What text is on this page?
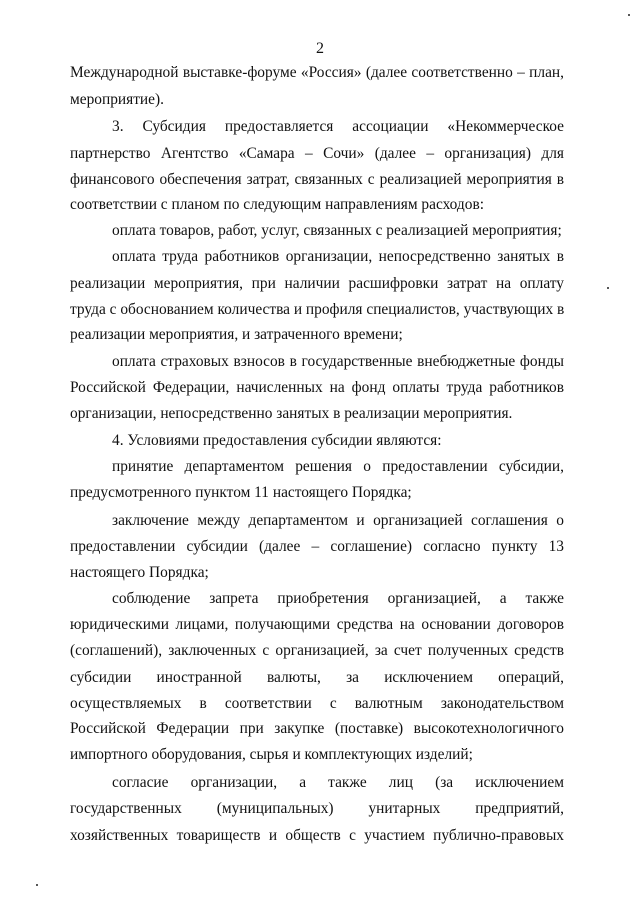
2
Международной выставке-форуме «Россия» (далее соответственно – план,
мероприятие).
3. Субсидия предоставляется ассоциации «Некоммерческое
партнерство Агентство «Самара – Сочи» (далее – организация) для
финансового обеспечения затрат, связанных с реализацией мероприятия в
соответствии с планом по следующим направлениям расходов:
оплата товаров, работ, услуг, связанных с реализацией мероприятия;
оплата труда работников организации, непосредственно занятых в
реализации мероприятия, при наличии расшифровки затрат на оплату
труда с обоснованием количества и профиля специалистов, участвующих в
реализации мероприятия, и затраченного времени;
оплата страховых взносов в государственные внебюджетные фонды
Российской Федерации, начисленных на фонд оплаты труда работников
организации, непосредственно занятых в реализации мероприятия.
4. Условиями предоставления субсидии являются:
принятие департаментом решения о предоставлении субсидии,
предусмотренного пунктом 11 настоящего Порядка;
заключение между департаментом и организацией соглашения о
предоставлении субсидии (далее – соглашение) согласно пункту 13
настоящего Порядка;
соблюдение запрета приобретения организацией, а также
юридическими лицами, получающими средства на основании договоров
(соглашений), заключенных с организацией, за счет полученных средств
субсидии иностранной валюты, за исключением операций,
осуществляемых в соответствии с валютным законодательством
Российской Федерации при закупке (поставке) высокотехнологичного
импортного оборудования, сырья и комплектующих изделий;
согласие организации, а также лиц (за исключением
государственных (муниципальных) унитарных предприятий,
хозяйственных товариществ и обществ с участием публично-правовых
